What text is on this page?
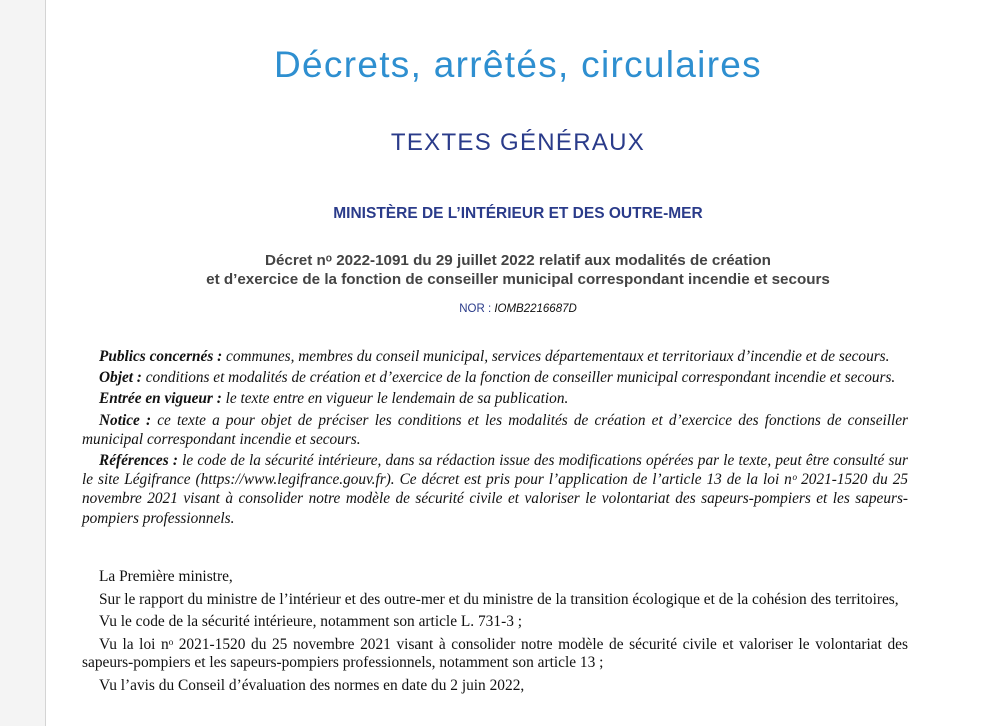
Décrets, arrêtés, circulaires
TEXTES GÉNÉRAUX
MINISTÈRE DE L’INTÉRIEUR ET DES OUTRE-MER
Décret nᵒ 2022-1091 du 29 juillet 2022 relatif aux modalités de création
et d’exercice de la fonction de conseiller municipal correspondant incendie et secours
NOR : IOMB2216687D

Publics concernés : communes, membres du conseil municipal, services départementaux et territoriaux d’incendie et de secours.

Objet : conditions et modalités de création et d’exercice de la fonction de conseiller municipal correspondant incendie et secours.

Entrée en vigueur : le texte entre en vigueur le lendemain de sa publication.

Notice : ce texte a pour objet de préciser les conditions et les modalités de création et d’exercice des fonctions de conseiller municipal correspondant incendie et secours.

Références : le code de la sécurité intérieure, dans sa rédaction issue des modifications opérées par le texte, peut être consulté sur le site Légifrance (https://www.legifrance.gouv.fr). Ce décret est pris pour l’application de l’article 13 de la loi nᵒ 2021-1520 du 25 novembre 2021 visant à consolider notre modèle de sécurité civile et valoriser le volontariat des sapeurs-pompiers et les sapeurs-pompiers professionnels.

La Première ministre,

Sur le rapport du ministre de l’intérieur et des outre-mer et du ministre de la transition écologique et de la cohésion des territoires,

Vu le code de la sécurité intérieure, notamment son article L. 731-3 ;

Vu la loi nᵒ 2021-1520 du 25 novembre 2021 visant à consolider notre modèle de sécurité civile et valoriser le volontariat des sapeurs-pompiers et les sapeurs-pompiers professionnels, notamment son article 13 ;

Vu l’avis du Conseil d’évaluation des normes en date du 2 juin 2022,
